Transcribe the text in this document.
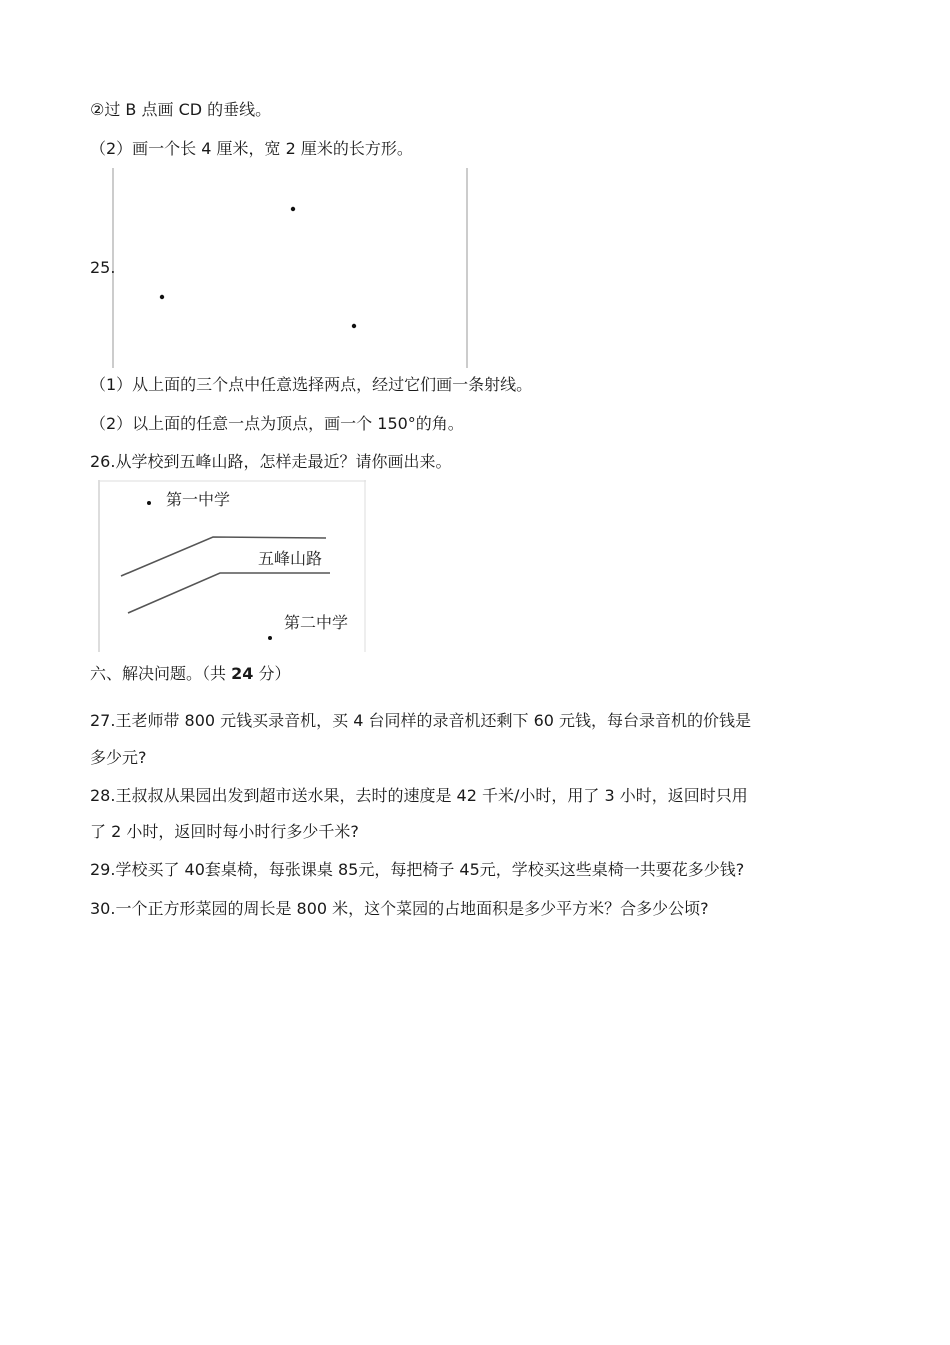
②过 B 点画 CD 的垂线。
（2）画一个长 4 厘米，宽 2 厘米的长方形。
25.
（1）从上面的三个点中任意选择两点，经过它们画一条射线。
（2）以上面的任意一点为顶点，画一个 150°的角。
26.从学校到五峰山路，怎样走最近？请你画出来。
第一中学
五峰山路
第二中学
六、解决问题。（共 24 分）
27.王老师带 800 元钱买录音机，买 4 台同样的录音机还剩下 60 元钱，每台录音机的价钱是
多少元?
28.王叔叔从果园出发到超市送水果，去时的速度是 42 千米/小时，用了 3 小时，返回时只用
了 2 小时，返回时每小时行多少千米?
29.学校买了 40套桌椅，每张课桌 85元，每把椅子 45元，学校买这些桌椅一共要花多少钱?
30.一个正方形菜园的周长是 800 米，这个菜园的占地面积是多少平方米？合多少公顷?
